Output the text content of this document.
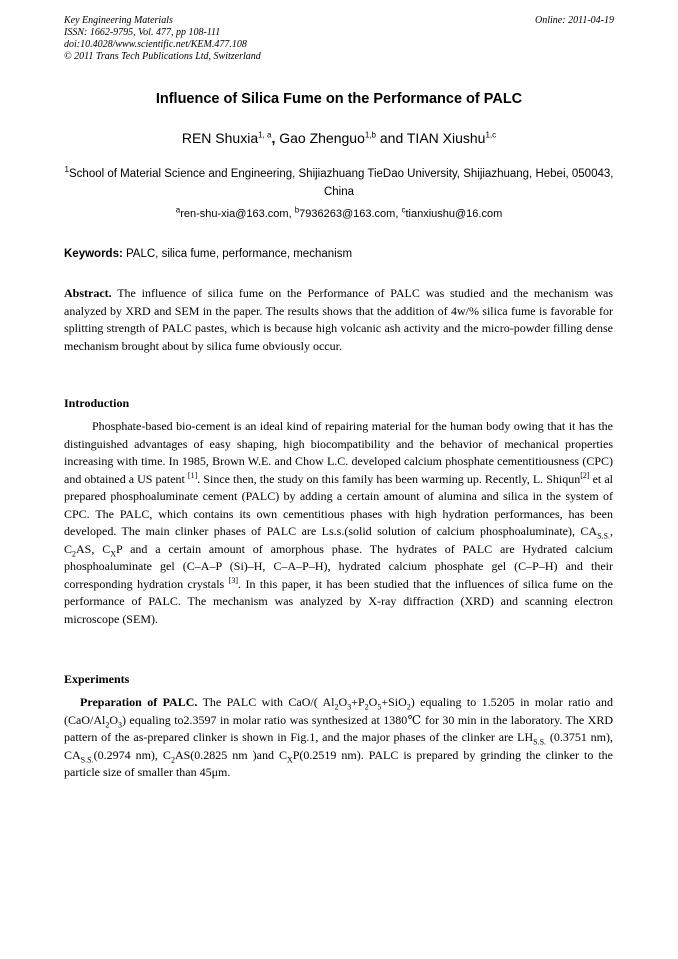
Key Engineering Materials
ISSN: 1662-9795, Vol. 477, pp 108-111
doi:10.4028/www.scientific.net/KEM.477.108
© 2011 Trans Tech Publications Ltd, Switzerland
Online: 2011-04-19
Influence of Silica Fume on the Performance of PALC
REN Shuxia$^{1, a}$, Gao Zhenguo$^{1,b}$ and TIAN Xiushu$^{1,c}$
$^1$School of Material Science and Engineering, Shijiazhuang TieDao University, Shijiazhuang, Hebei, 050043, China
$^a$ren-shu-xia@163.com, $^b$7936263@163.com, $^c$tianxiushu@16.com
Keywords: PALC, silica fume, performance, mechanism
Abstract. The influence of silica fume on the Performance of PALC was studied and the mechanism was analyzed by XRD and SEM in the paper. The results shows that the addition of 4w/% silica fume is favorable for splitting strength of PALC pastes, which is because high volcanic ash activity and the micro-powder filling dense mechanism brought about by silica fume obviously occur.
Introduction
Phosphate-based bio-cement is an ideal kind of repairing material for the human body owing that it has the distinguished advantages of easy shaping, high biocompatibility and the behavior of mechanical properties increasing with time. In 1985, Brown W.E. and Chow L.C. developed calcium phosphate cementitiousness (CPC) and obtained a US patent [1]. Since then, the study on this family has been warming up. Recently, L. Shiqun[2] et al prepared phosphoaluminate cement (PALC) by adding a certain amount of alumina and silica in the system of CPC. The PALC, which contains its own cementitious phases with high hydration performances, has been developed. The main clinker phases of PALC are Ls.s.(solid solution of calcium phosphoaluminate), $CA_{S.S.}$, $C_2AS$, $C_XP$ and a certain amount of amorphous phase. The hydrates of PALC are Hydrated calcium phosphoaluminate gel (C–A–P (Si)–H, C–A–P–H), hydrated calcium phosphate gel (C–P–H) and their corresponding hydration crystals [3]. In this paper, it has been studied that the influences of silica fume on the performance of PALC. The mechanism was analyzed by X-ray diffraction (XRD) and scanning electron microscope (SEM).
Experiments
Preparation of PALC. The PALC with CaO/( $Al_2O_3+P_2O_5+SiO_2$) equaling to 1.5205 in molar ratio and $(CaO/Al_2O_3)$ equaling to2.3597 in molar ratio was synthesized at 1380℃ for 30 min in the laboratory. The XRD pattern of the as-prepared clinker is shown in Fig.1, and the major phases of the clinker are $LH_{S.S.}$ (0.3751 nm), $CA_{S.S.}(0.2974$ nm), $C_2AS(0.2825$ nm )and $C_XP(0.2519$ nm). PALC is prepared by grinding the clinker to the particle size of smaller than 45μm.
